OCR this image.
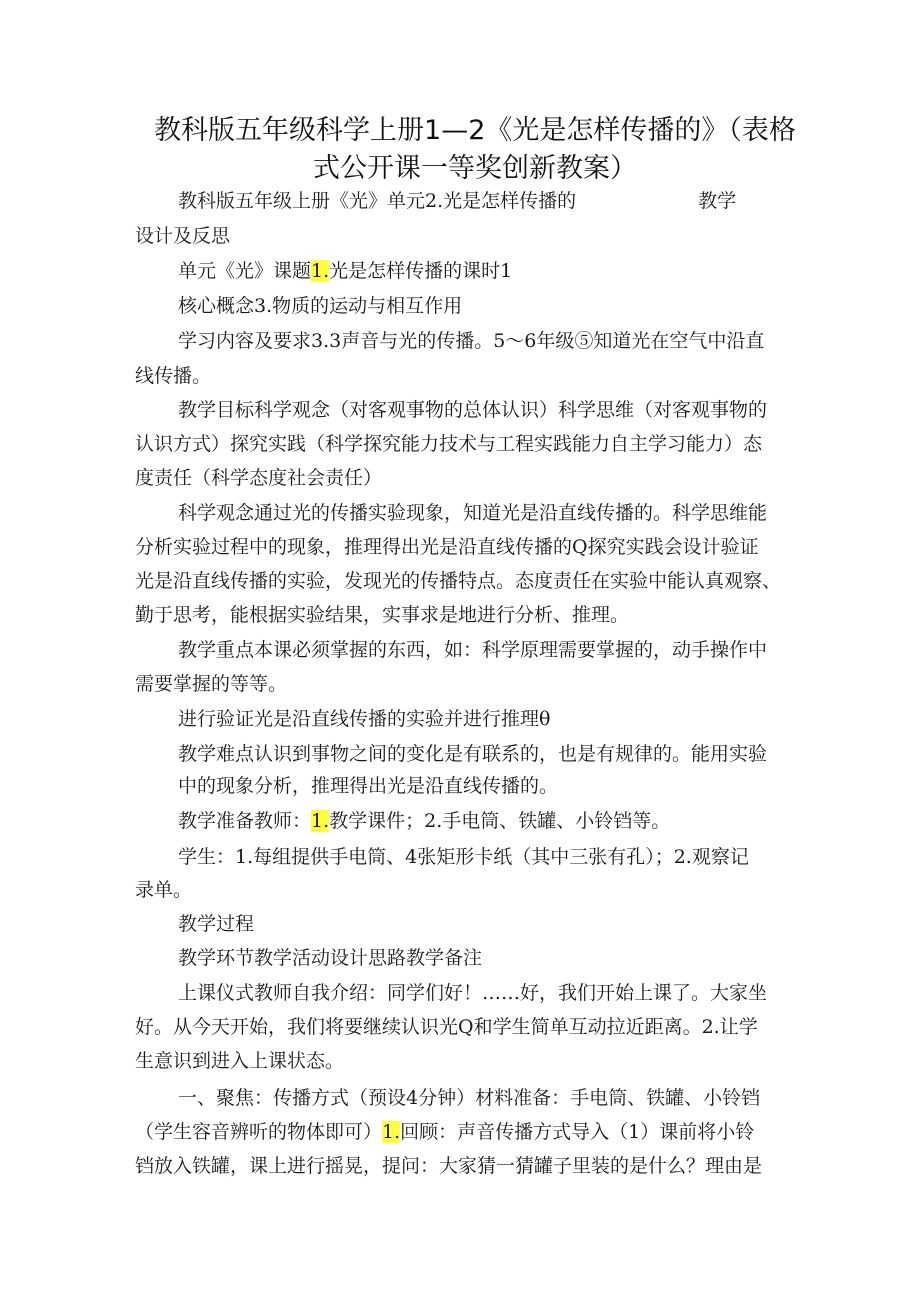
教科版五年级科学上册1—2《光是怎样传播的》（表格
式公开课一等奖创新教案）
教科版五年级上册《光》单元2.光是怎样传播的	教学
设计及反思
单元《光》课题1.光是怎样传播的课时1
核心概念3.物质的运动与相互作用
学习内容及要求3.3声音与光的传播。5～6年级⑤知道光在空气中沿直
线传播。
教学目标科学观念（对客观事物的总体认识）科学思维（对客观事物的
认识方式）探究实践（科学探究能力技术与工程实践能力自主学习能力）态
度责任（科学态度社会责任）
科学观念通过光的传播实验现象，知道光是沿直线传播的。科学思维能
分析实验过程中的现象，推理得出光是沿直线传播的Q探究实践会设计验证
光是沿直线传播的实验，发现光的传播特点。态度责任在实验中能认真观察、
勤于思考，能根据实验结果，实事求是地进行分析、推理。
教学重点本课必须掌握的东西，如：科学原理需要掌握的，动手操作中
需要掌握的等等。
进行验证光是沿直线传播的实验并进行推理θ
教学难点认识到事物之间的变化是有联系的，也是有规律的。能用实验
中的现象分析，推理得出光是沿直线传播的。
教学准备教师：1.教学课件；2.手电筒、铁罐、小铃铛等。
学生：1.每组提供手电筒、4张矩形卡纸（其中三张有孔）；2.观察记
录单。
教学过程
教学环节教学活动设计思路教学备注
上课仪式教师自我介绍：同学们好！……好，我们开始上课了。大家坐
好。从今天开始，我们将要继续认识光Q和学生简单互动拉近距离。2.让学
生意识到进入上课状态。
一、聚焦：传播方式（预设4分钟）材料准备：手电筒、铁罐、小铃铛
（学生容音辨听的物体即可）1.回顾：声音传播方式导入（1）课前将小铃
铛放入铁罐，课上进行摇晃，提问：大家猜一猜罐子里装的是什么？理由是
